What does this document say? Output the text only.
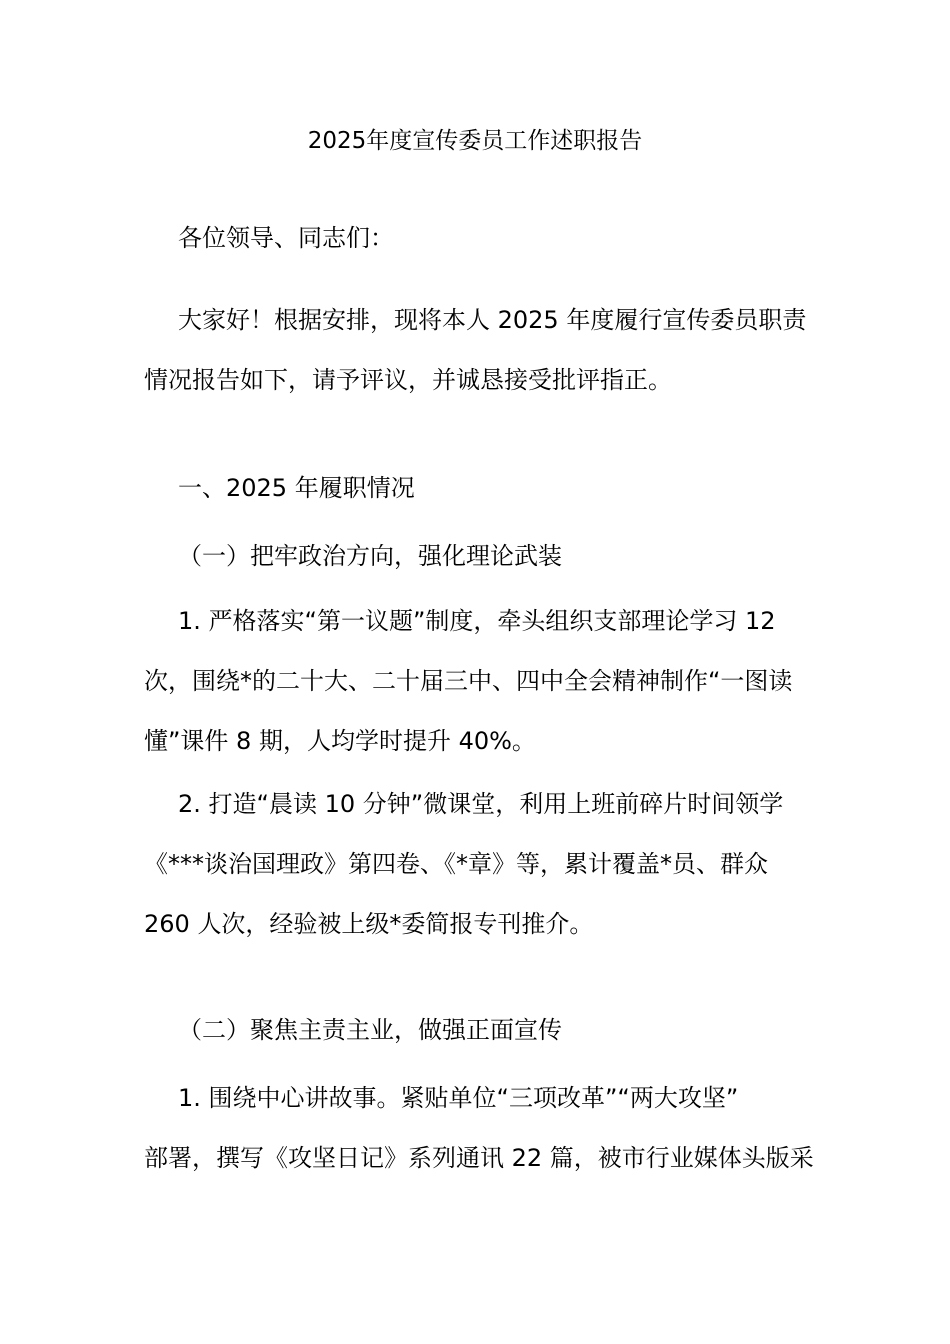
2025年度宣传委员工作述职报告
各位领导、同志们：
大家好！根据安排，现将本人 2025 年度履行宣传委员职责
情况报告如下，请予评议，并诚恳接受批评指正。
一、2025 年履职情况
（一）把牢政治方向，强化理论武装
1. 严格落实“第一议题”制度，牵头组织支部理论学习 12
次，围绕*的二十大、二十届三中、四中全会精神制作“一图读
懂”课件 8 期，人均学时提升 40%。
2. 打造“晨读 10 分钟”微课堂，利用上班前碎片时间领学
《***谈治国理政》第四卷、《*章》等，累计覆盖*员、群众
260 人次，经验被上级*委简报专刊推介。
（二）聚焦主责主业，做强正面宣传
1. 围绕中心讲故事。紧贴单位“三项改革”“两大攻坚”
部署，撰写《攻坚日记》系列通讯 22 篇，被市行业媒体头版采
